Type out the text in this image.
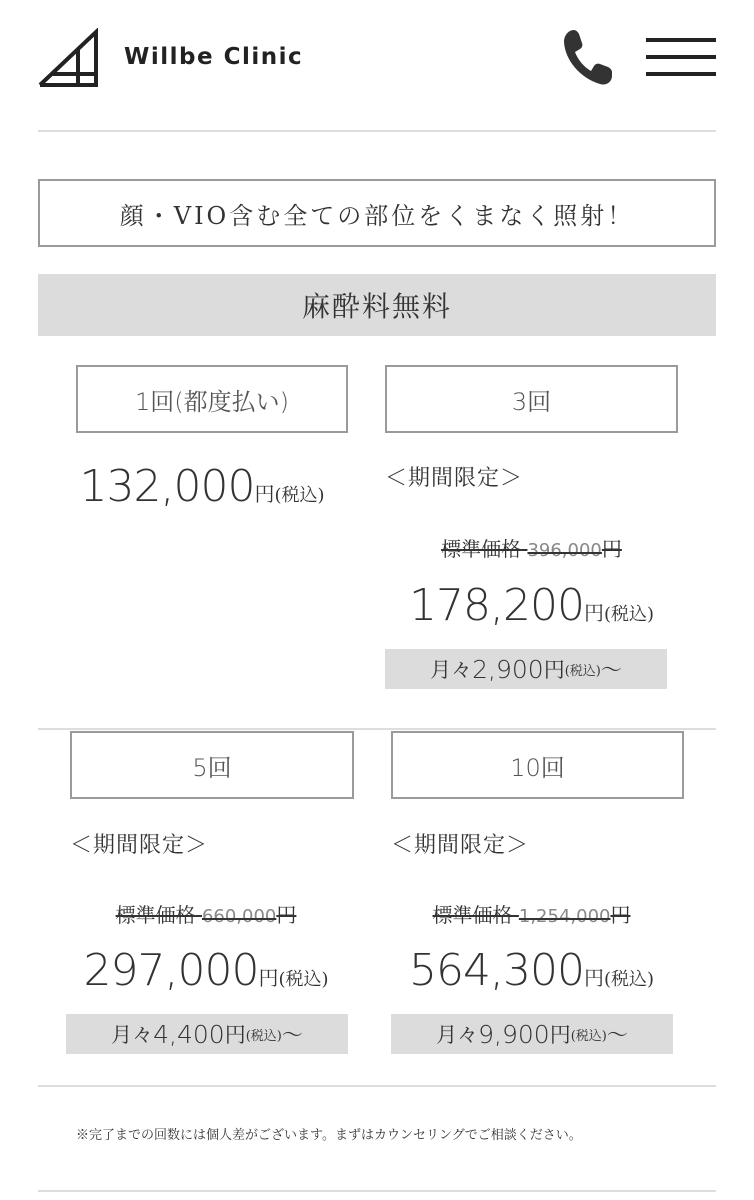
Willbe Clinic
顔・VIO含む全ての部位をくまなく照射！
麻酔料無料
1回(都度払い)
132,000円(税込)
3回
＜期間限定＞
標準価格 396,000円
178,200円(税込)
月々 2,900 円 (税込) ～
5回
＜期間限定＞
標準価格 660,000円
297,000円(税込)
月々 4,400 円 (税込) ～
10回
＜期間限定＞
標準価格 1,254,000円
564,300円(税込)
月々 9,900 円 (税込) ～
※完了までの回数には個人差がございます。まずはカウンセリングでご相談ください。
